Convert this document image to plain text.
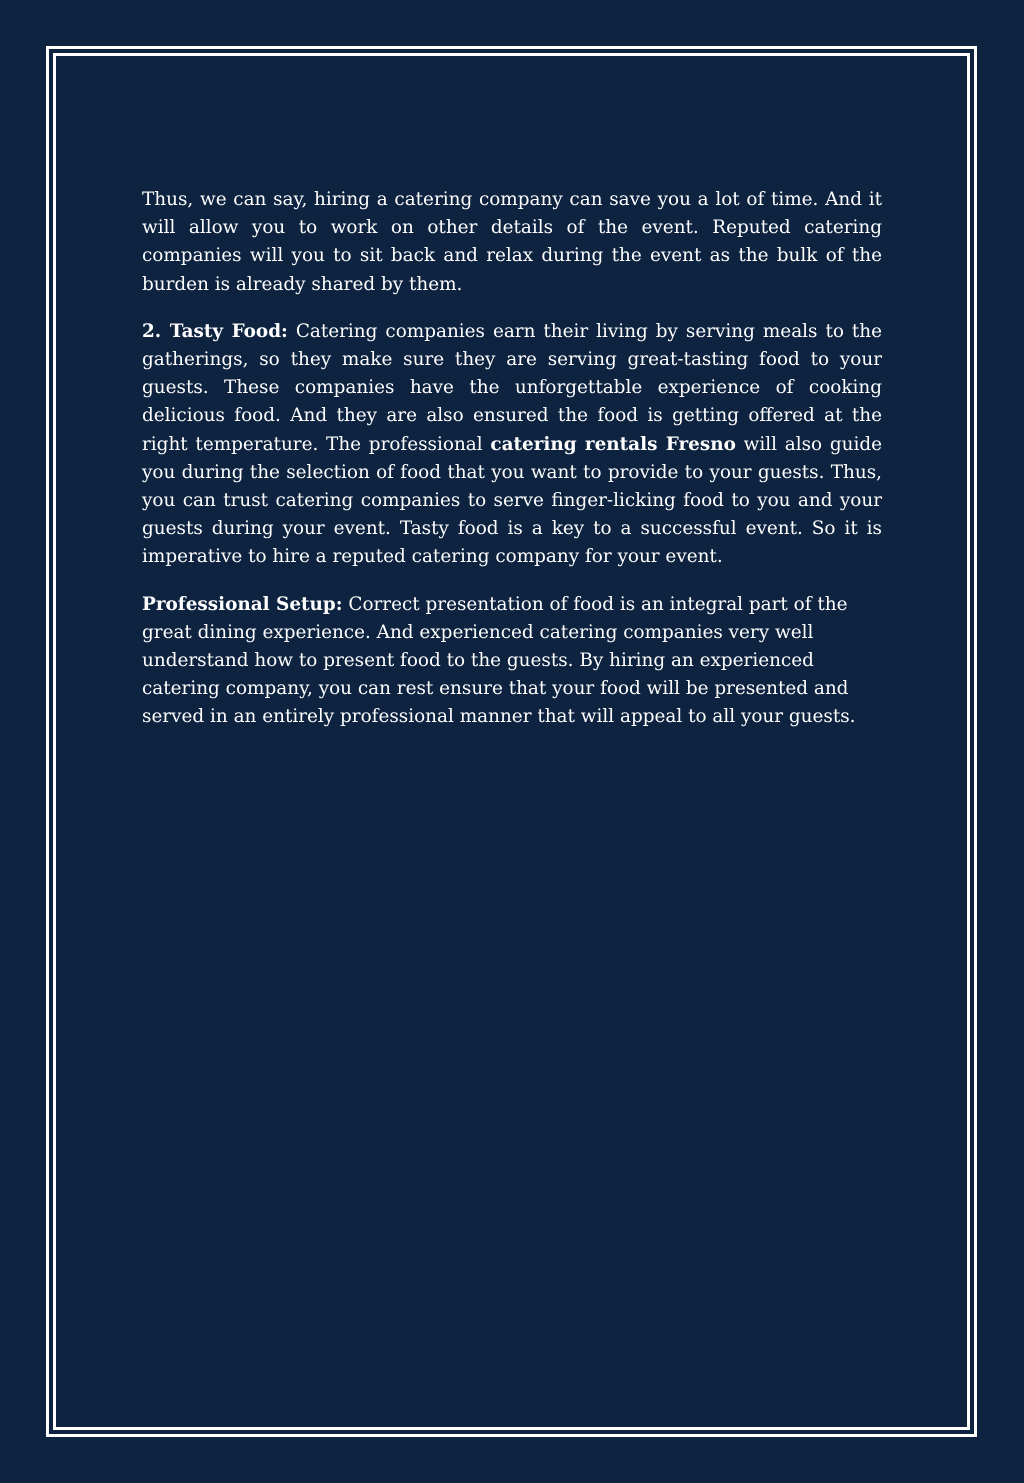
Thus, we can say, hiring a catering company can save you a lot of time. And it will allow you to work on other details of the event. Reputed catering companies will you to sit back and relax during the event as the bulk of the burden is already shared by them.

2. Tasty Food: Catering companies earn their living by serving meals to the gatherings, so they make sure they are serving great-tasting food to your guests. These companies have the unforgettable experience of cooking delicious food. And they are also ensured the food is getting offered at the right temperature. The professional catering rentals Fresno will also guide you during the selection of food that you want to provide to your guests. Thus, you can trust catering companies to serve finger-licking food to you and your guests during your event. Tasty food is a key to a successful event. So it is imperative to hire a reputed catering company for your event.

Professional Setup: Correct presentation of food is an integral part of the great dining experience. And experienced catering companies very well understand how to present food to the guests. By hiring an experienced catering company, you can rest ensure that your food will be presented and served in an entirely professional manner that will appeal to all your guests.
